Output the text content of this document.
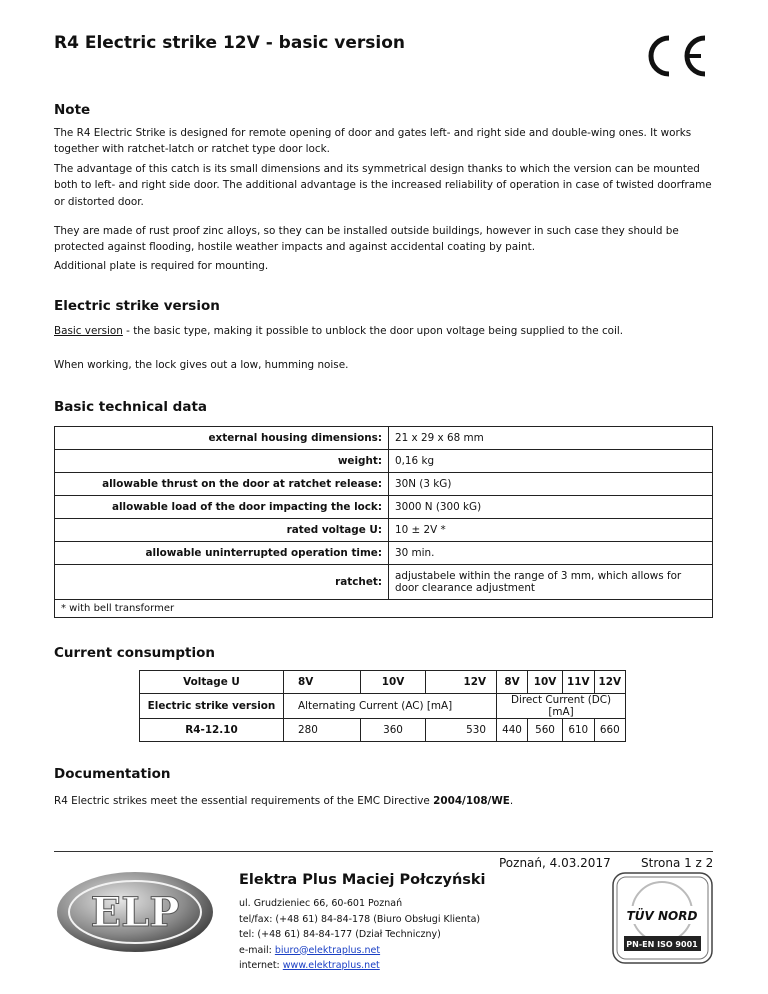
R4 Electric strike 12V - basic version
Note

The R4 Electric Strike is designed for remote opening of door and gates left- and right side and double-wing ones. It works together with ratchet-latch or ratchet type door lock.

The advantage of this catch is its small dimensions and its symmetrical design thanks to which the version can be mounted both to left- and right side door. The additional advantage is the increased reliability of operation in case of twisted doorframe or distorted door.

They are made of rust proof zinc alloys, so they can be installed outside buildings, however in such case they should be protected against flooding, hostile weather impacts and against accidental coating by paint.

Additional plate is required for mounting.

Electric strike version

Basic version - the basic type, making it possible to unblock the door upon voltage being supplied to the coil.

When working, the lock gives out a low, humming noise.

Basic technical data
external housing dimensions:	21 x 29 x 68 mm
weight:	0,16 kg
allowable thrust on the door at ratchet release:	30N (3 kG)
allowable load of the door impacting the lock:	3000 N (300 kG)
rated voltage U:	10 ± 2V *
allowable uninterrupted operation time:	30 min.
ratchet:	adjustabele within the range of 3 mm, which allows for door clearance adjustment
* with bell transformer	
Current consumption
Voltage U	8V	10V	12V	8V	10V	11V	12V
Electric strike version	Alternating Current (AC) [mA]			Direct Current (DC) [mA]			
R4-12.10	280	360	530	440	560	610	660
Documentation

R4 Electric strikes meet the essential requirements of the EMC Directive 2004/108/WE.

Poznań, 4.03.2017	Strona 1 z 2
ELP
Elektra Plus Maciej Połczyński
ul. Grudzieniec 66, 60-601 Poznań
tel/fax: (+48 61) 84-84-178 (Biuro Obsługi Klienta)
tel: (+48 61) 84-84-177 (Dział Techniczny)
e-mail: biuro@elektraplus.net
internet: www.elektraplus.net
TÜV NORD
PN-EN ISO 9001
